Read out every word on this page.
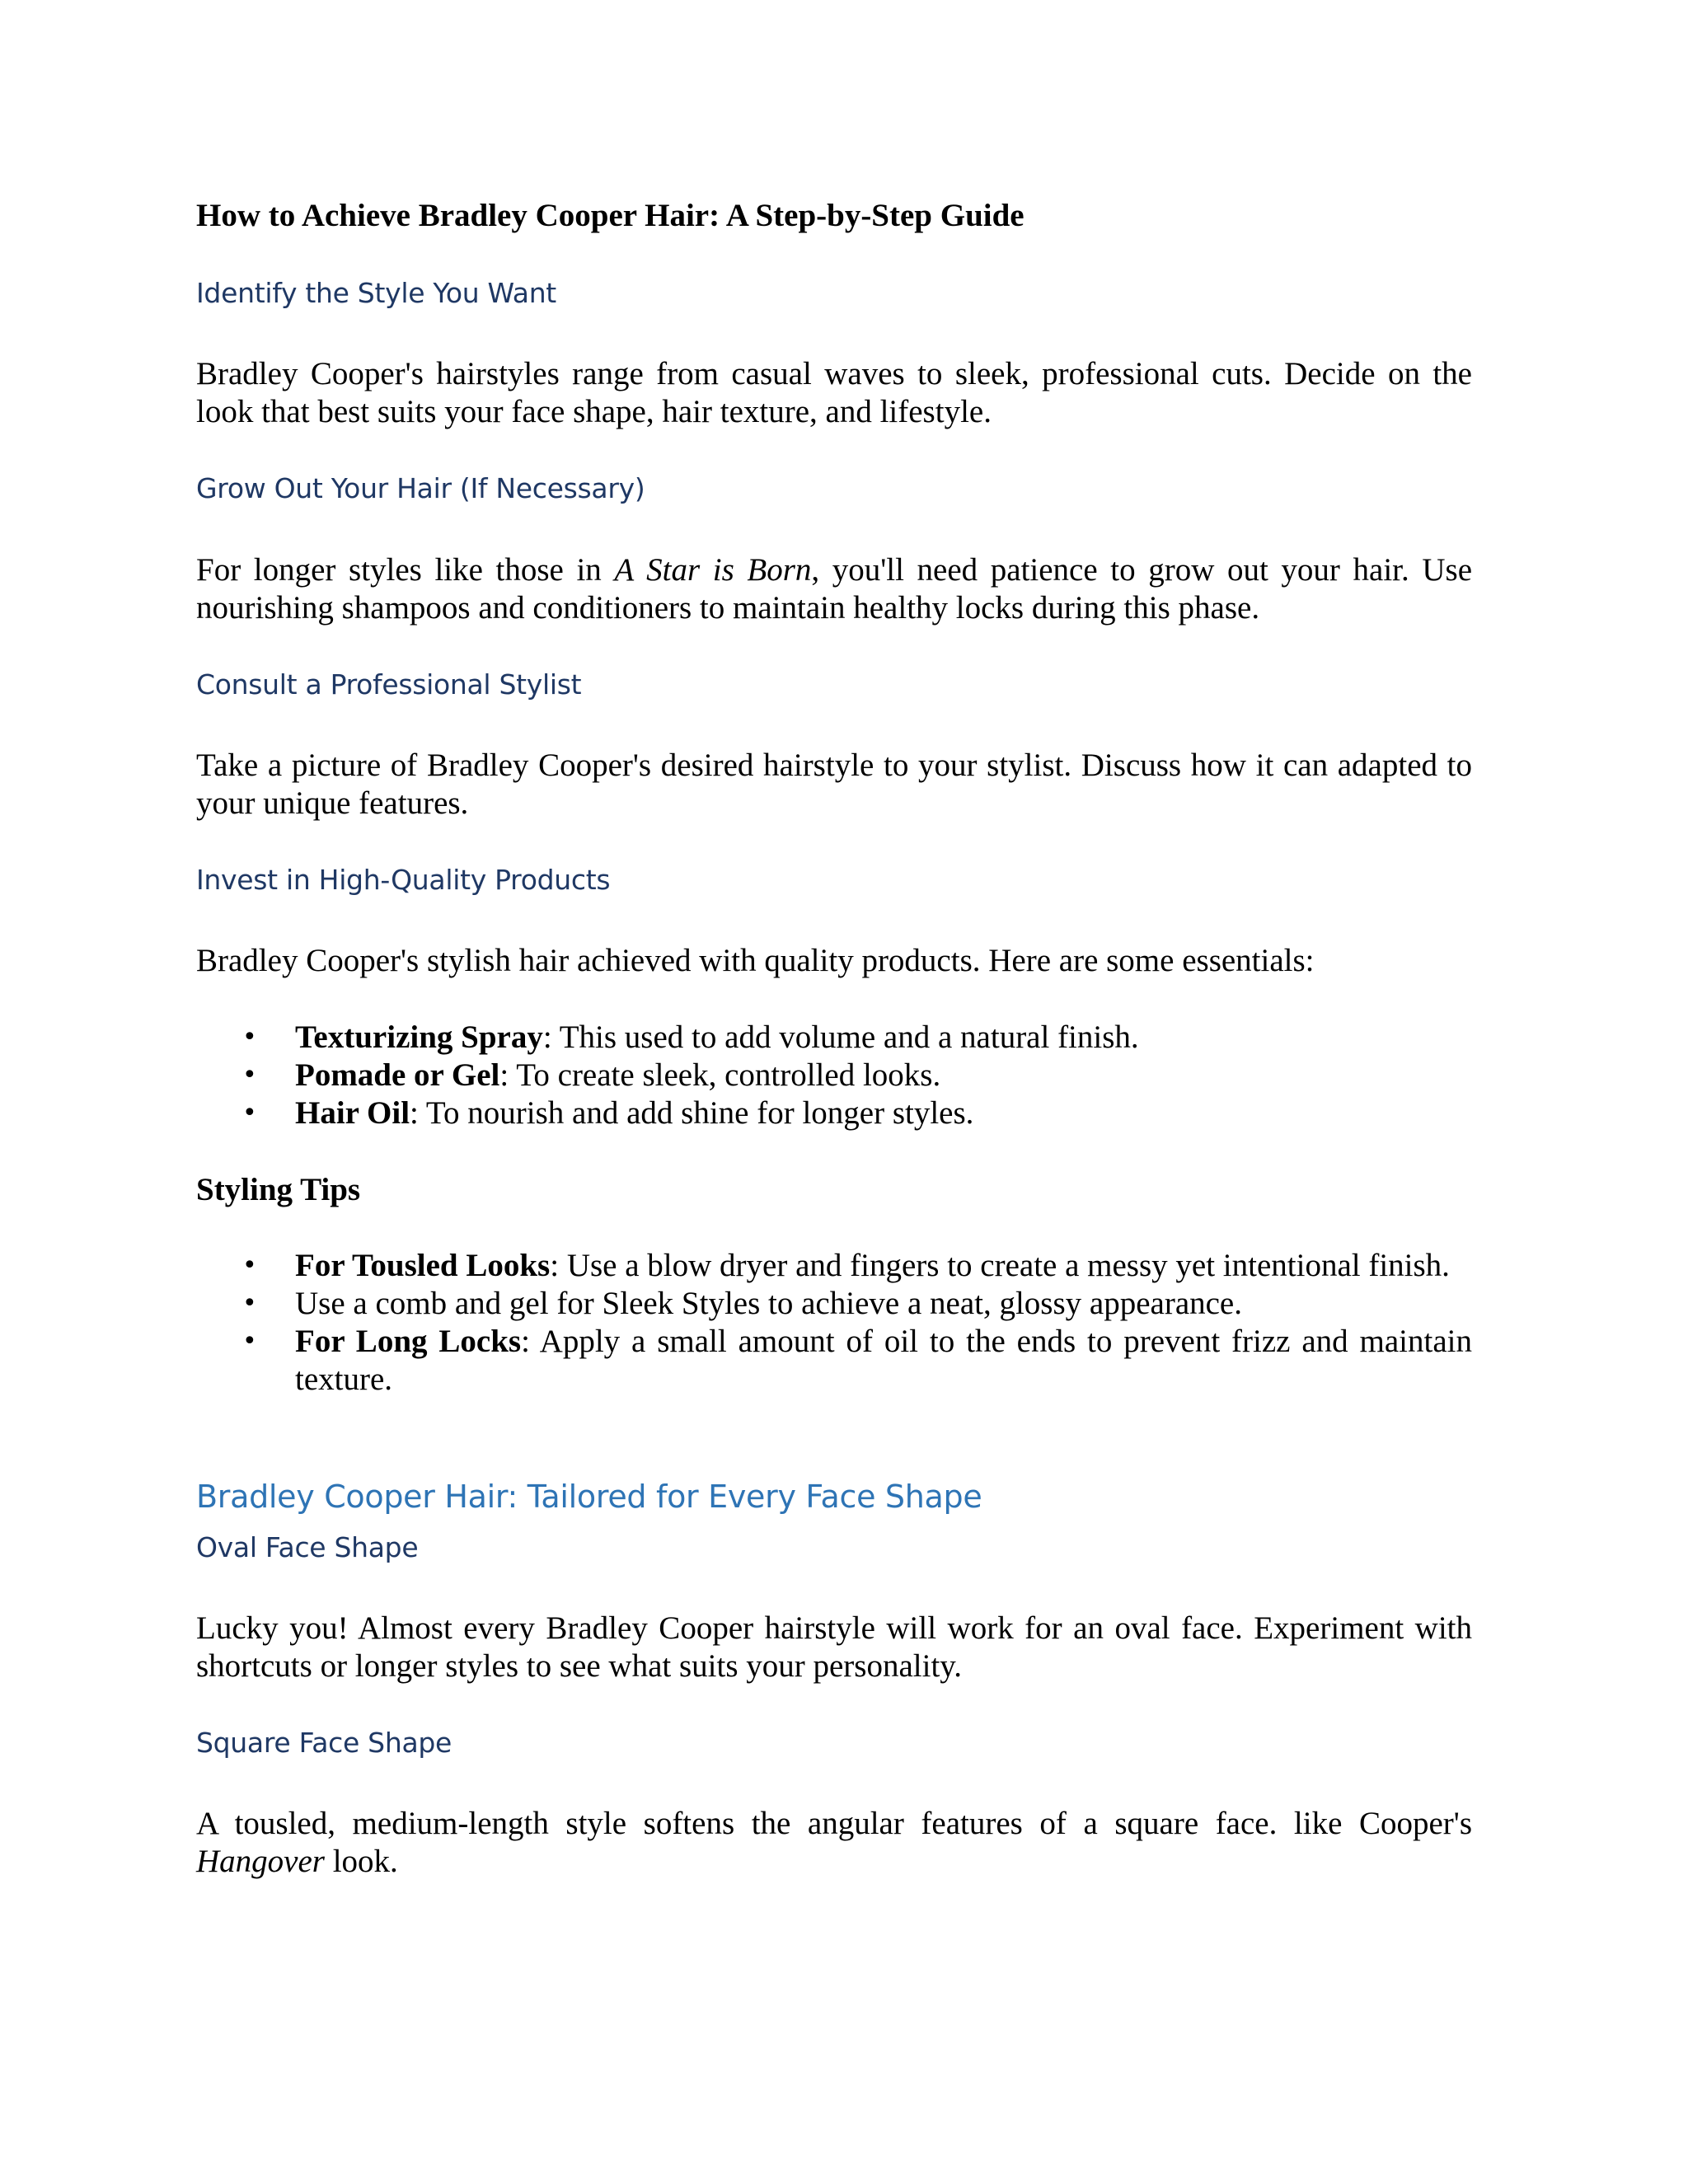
How to Achieve Bradley Cooper Hair: A Step-by-Step Guide
Identify the Style You Want
Bradley Cooper's hairstyles range from casual waves to sleek, professional cuts. Decide on the look that best suits your face shape, hair texture, and lifestyle.
Grow Out Your Hair (If Necessary)
For longer styles like those in A Star is Born, you'll need patience to grow out your hair. Use nourishing shampoos and conditioners to maintain healthy locks during this phase.
Consult a Professional Stylist
Take a picture of Bradley Cooper's desired hairstyle to your stylist. Discuss how it can adapted to your unique features.
Invest in High-Quality Products
Bradley Cooper's stylish hair achieved with quality products. Here are some essentials:
• Texturizing Spray: This used to add volume and a natural finish.
• Pomade or Gel: To create sleek, controlled looks.
• Hair Oil: To nourish and add shine for longer styles.
Styling Tips
• For Tousled Looks: Use a blow dryer and fingers to create a messy yet intentional finish.
• Use a comb and gel for Sleek Styles to achieve a neat, glossy appearance.
• For Long Locks: Apply a small amount of oil to the ends to prevent frizz and maintain texture.
Bradley Cooper Hair: Tailored for Every Face Shape
Oval Face Shape
Lucky you! Almost every Bradley Cooper hairstyle will work for an oval face. Experiment with shortcuts or longer styles to see what suits your personality.
Square Face Shape
A tousled, medium-length style softens the angular features of a square face. like Cooper's Hangover look.
